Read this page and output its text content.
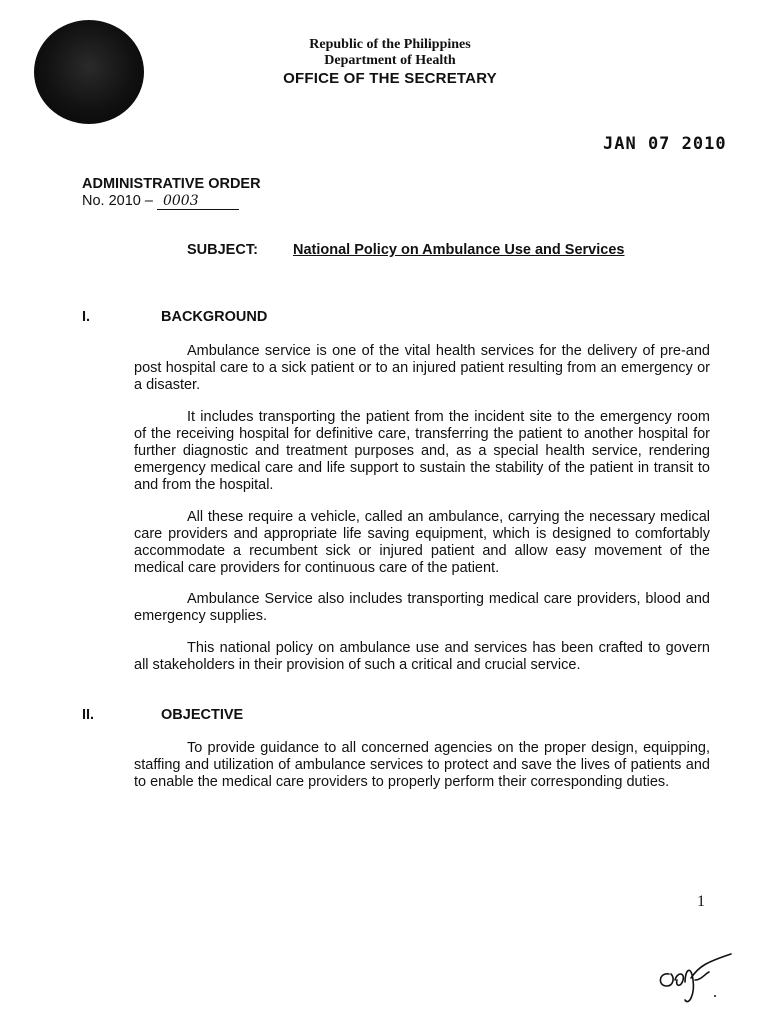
Republic of the Philippines
Department of Health
OFFICE OF THE SECRETARY
JAN 07 2010
ADMINISTRATIVE ORDER
No. 2010 – 0003
SUBJECT: National Policy on Ambulance Use and Services
I.	BACKGROUND

Ambulance service is one of the vital health services for the delivery of pre-and post hospital care to a sick patient or to an injured patient resulting from an emergency or a disaster.

It includes transporting the patient from the incident site to the emergency room of the receiving hospital for definitive care, transferring the patient to another hospital for further diagnostic and treatment purposes and, as a special health service, rendering emergency medical care and life support to sustain the stability of the patient in transit to and from the hospital.

All these require a vehicle, called an ambulance, carrying the necessary medical care providers and appropriate life saving equipment, which is designed to comfortably accommodate a recumbent sick or injured patient and allow easy movement of the medical care providers for continuous care of the patient.

Ambulance Service also includes transporting medical care providers, blood and emergency supplies.

This national policy on ambulance use and services has been crafted to govern all stakeholders in their provision of such a critical and crucial service.

II.	OBJECTIVE

To provide guidance to all concerned agencies on the proper design, equipping, staffing and utilization of ambulance services to protect and save the lives of patients and to enable the medical care providers to properly perform their corresponding duties.

1
